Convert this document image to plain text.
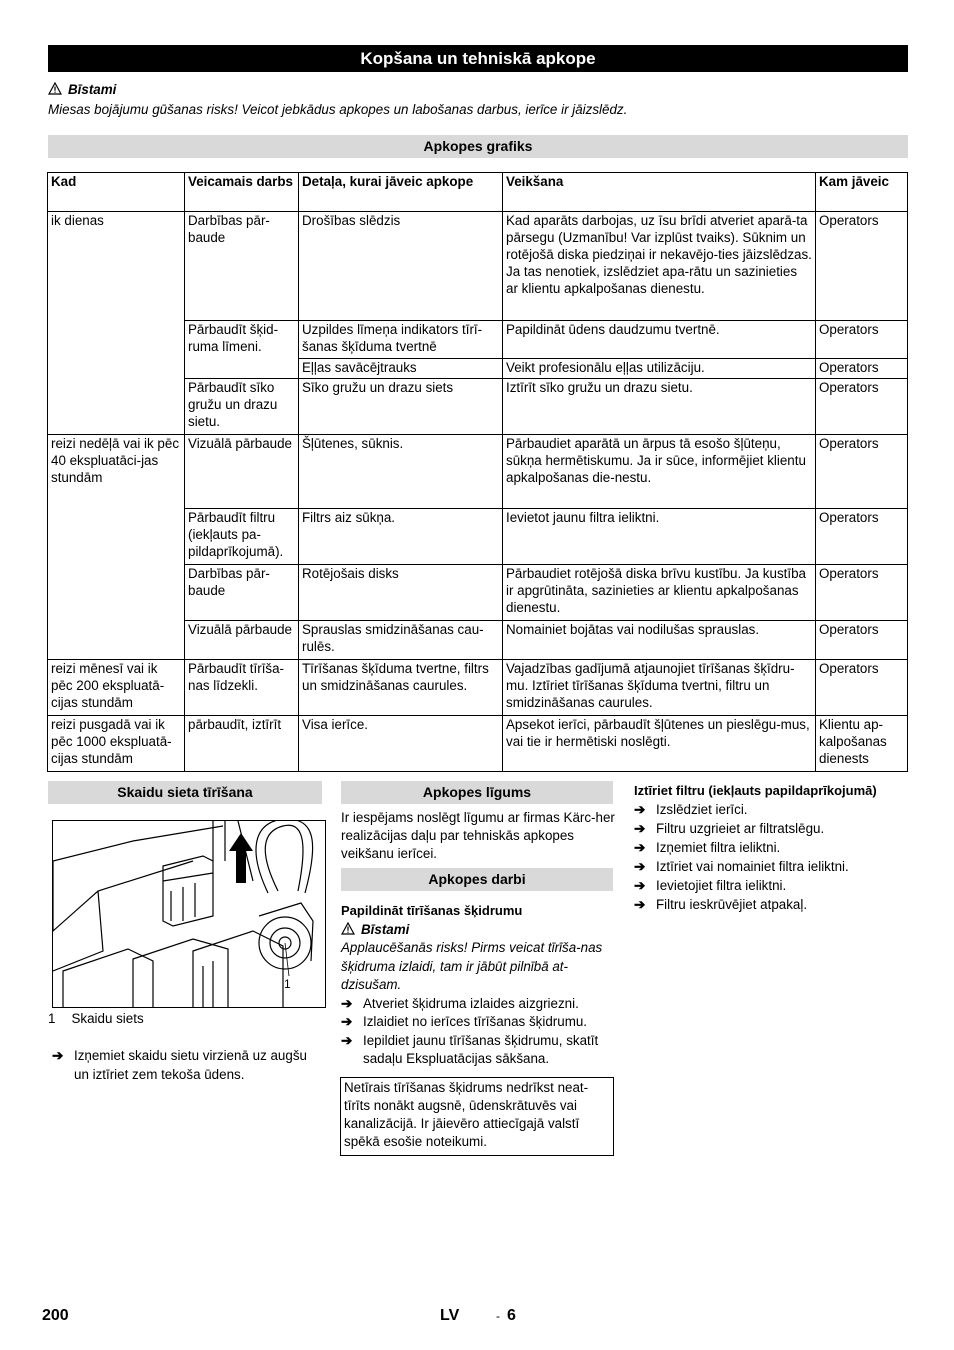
Kopšana un tehniskā apkope
Bīstami
Miesas bojājumu gūšanas risks! Veicot jebkādus apkopes un labošanas darbus, ierīce ir jāizslēdz.
Apkopes grafiks
Kad	Veicamais darbs	Detaļa, kurai jāveic apkope	Veikšana	Kam jāveic
ik dienas	Darbības pār-baude	Drošības slēdzis	Kad aparāts darbojas, uz īsu brīdi atveriet aparā-ta pārsegu (Uzmanību! Var izplūst tvaiks). Sūknim un rotējošā diska piedziņai ir nekavējo-ties jāizslēdzas. Ja tas nenotiek, izslēdziet apa-rātu un sazinieties ar klientu apkalpošanas dienestu.	Operators
	Pārbaudīt šķid-ruma līmeni.	Uzpildes līmeņa indikators tīrī-šanas šķīduma tvertnē	Papildināt ūdens daudzumu tvertnē.	Operators
		Eļļas savācējtrauks	Veikt profesionālu eļļas utilizāciju.	Operators
	Pārbaudīt sīko gružu un drazu sietu.	Sīko gružu un drazu siets	Iztīrīt sīko gružu un drazu sietu.	Operators
reizi nedēļā vai ik pēc 40 ekspluatāci-jas stundām	Vizuālā pārbaude	Šļūtenes, sūknis.	Pārbaudiet aparātā un ārpus tā esošo šļūteņu, sūkņa hermētiskumu. Ja ir sūce, informējiet klientu apkalpošanas die-nestu.	Operators
	Pārbaudīt filtru (iekļauts pa-pildaprīkojumā).	Filtrs aiz sūkņa.	Ievietot jaunu filtra ieliktni.	Operators
	Darbības pār-baude	Rotējošais disks	Pārbaudiet rotējošā diska brīvu kustību. Ja kustība ir apgrūtināta, sazinieties ar klientu apkalpošanas dienestu.	Operators
	Vizuālā pārbaude	Sprauslas smidzināšanas cau-rulēs.	Nomainiet bojātas vai nodilušas sprauslas.	Operators
reizi mēnesī vai ik pēc 200 ekspluatā-cijas stundām	Pārbaudīt tīrīša-nas līdzekli.	Tīrīšanas šķīduma tvertne, filtrs un smidzināšanas caurules.	Vajadzības gadījumā atjaunojiet tīrīšanas šķīdru-mu. Iztīriet tīrīšanas šķīduma tvertni, filtru un smidzināšanas caurules.	Operators
reizi pusgadā vai ik pēc 1000 ekspluatā-cijas stundām	pārbaudīt, iztīrīt	Visa ierīce.	Apsekot ierīci, pārbaudīt šļūtenes un pieslēgu-mus, vai tie ir hermētiski noslēgti.	Klientu ap-kalpošanas dienests
Skaidu sieta tīrīšana
1
1 Skaidu siets
➔ Izņemiet skaidu sietu virzienā uz augšu un iztīriet zem tekoša ūdens.
Apkopes līgums
Ir iespējams noslēgt līgumu ar firmas Kärc-her realizācijas daļu par tehniskās apkopes veikšanu ierīcei.
Apkopes darbi
Papildināt tīrīšanas šķidrumu
Bīstami
Applaucēšanās risks! Pirms veicat tīrīša-nas šķidruma izlaidi, tam ir jābūt pilnībā at-dzisušam.
➔ Atveriet šķidruma izlaides aizgriezni.
➔ Izlaidiet no ierīces tīrīšanas šķidrumu.
➔ Iepildiet jaunu tīrīšanas šķidrumu, skatīt sadaļu Ekspluatācijas sākšana.
Netīrais tīrīšanas šķidrums nedrīkst neat-tīrīts nonākt augsnē, ūdenskrātuvēs vai kanalizācijā. Ir jāievēro attiecīgajā valstī spēkā esošie noteikumi.
Iztīriet filtru (iekļauts papildaprīkojumā)
➔ Izslēdziet ierīci.
➔ Filtru uzgrieiet ar filtratslēgu.
➔ Izņemiet filtra ieliktni.
➔ Iztīriet vai nomainiet filtra ieliktni.
➔ Ievietojiet filtra ieliktni.
➔ Filtru ieskrūvējiet atpakaļ.
200	LV	- 6
